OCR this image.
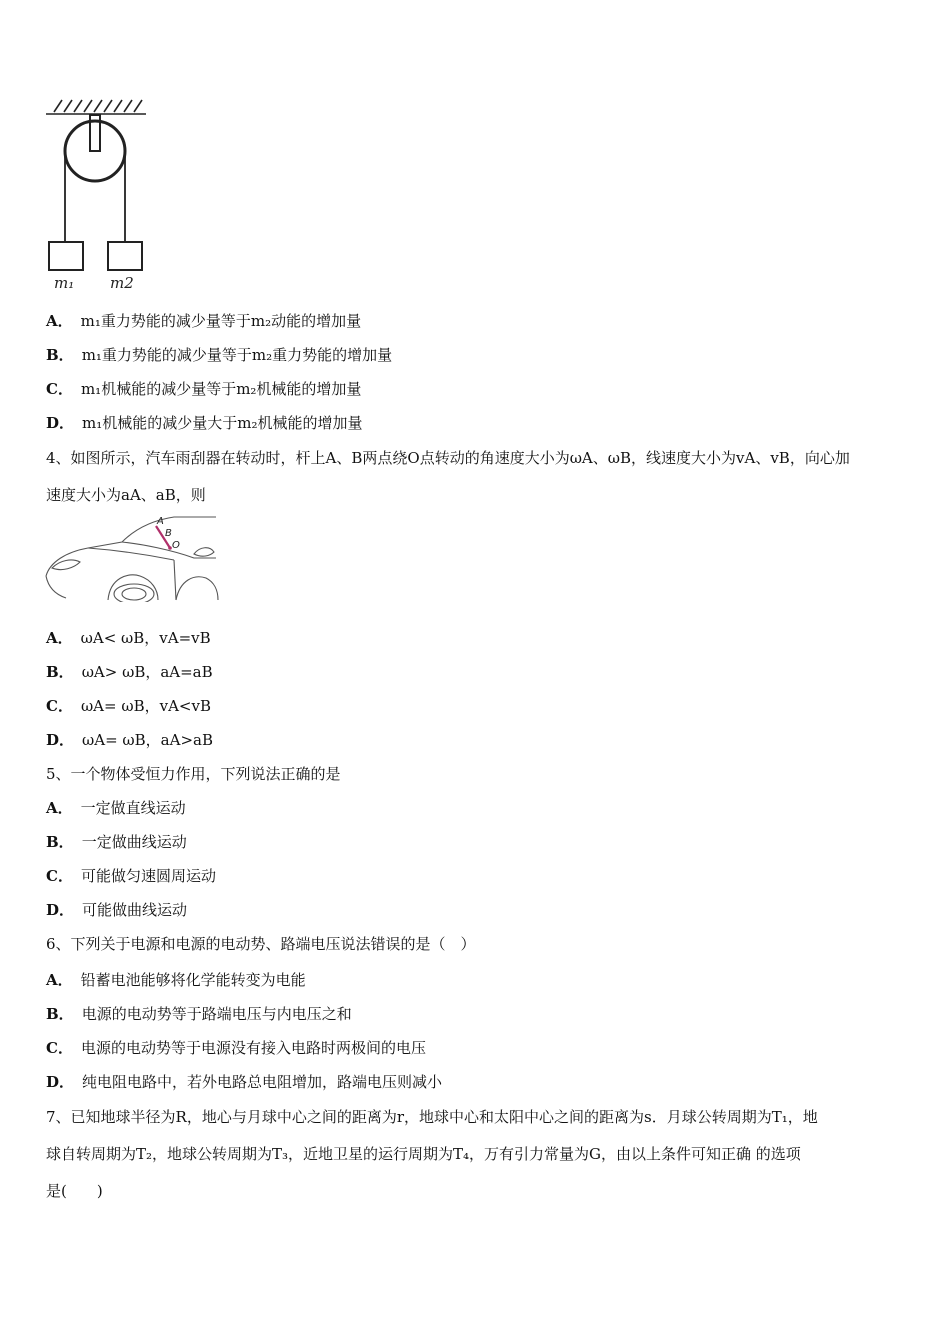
m₁ m2
A． m₁重力势能的减少量等于m₂动能的增加量
B． m₁重力势能的减少量等于m₂重力势能的增加量
C． m₁机械能的减少量等于m₂机械能的增加量
D． m₁机械能的减少量大于m₂机械能的增加量
4、如图所示，汽车雨刮器在转动时，杆上A、B两点绕O点转动的角速度大小为ωA、ωB，线速度大小为vA、vB，向心加
速度大小为aA、aB，则
A
B
O
A． ωA< ωB，vA=vB
B． ωA> ωB，aA=aB
C． ωA= ωB，vA<vB
D． ωA= ωB，aA>aB
5、一个物体受恒力作用，下列说法正确的是
A． 一定做直线运动
B． 一定做曲线运动
C． 可能做匀速圆周运动
D． 可能做曲线运动
6、下列关于电源和电源的电动势、路端电压说法错误的是（　）
A． 铅蓄电池能够将化学能转变为电能
B． 电源的电动势等于路端电压与内电压之和
C． 电源的电动势等于电源没有接入电路时两极间的电压
D． 纯电阻电路中，若外电路总电阻增加，路端电压则减小
7、已知地球半径为R，地心与月球中心之间的距离为r，地球中心和太阳中心之间的距离为s．月球公转周期为T₁，地
球自转周期为T₂，地球公转周期为T₃，近地卫星的运行周期为T₄，万有引力常量为G，由以上条件可知正确 的选项
是(　　)
